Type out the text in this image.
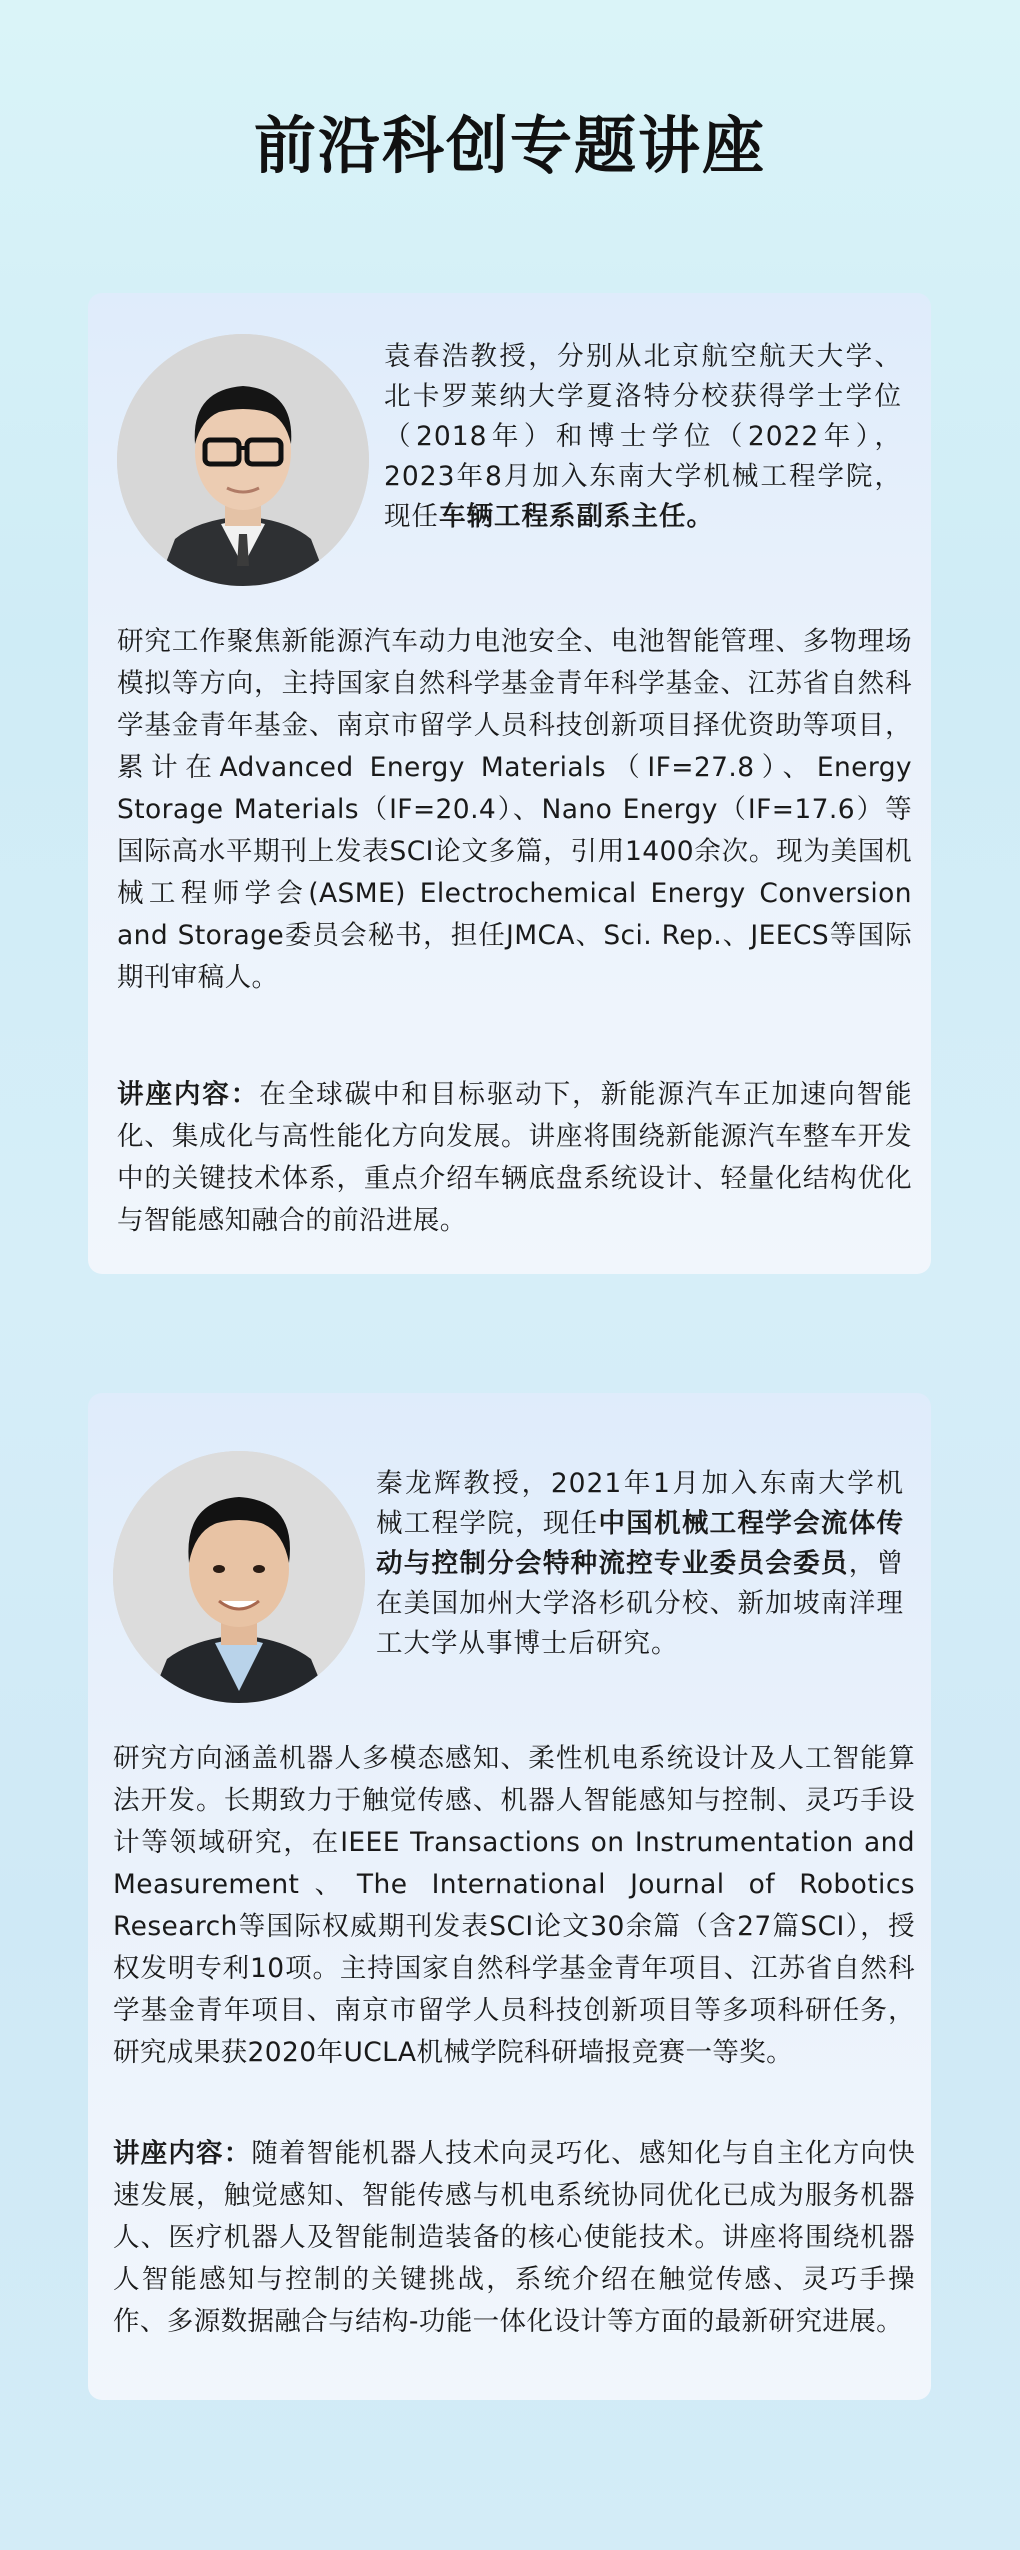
前沿科创专题讲座
袁春浩教授，分别从北京航空航天大学、北卡罗莱纳大学夏洛特分校获得学士学位（2018年）和博士学位（2022年），2023年8月加入东南大学机械工程学院，现任车辆工程系副系主任。
研究工作聚焦新能源汽车动力电池安全、电池智能管理、多物理场模拟等方向，主持国家自然科学基金青年科学基金、江苏省自然科学基金青年基金、南京市留学人员科技创新项目择优资助等项目，累计在Advanced Energy Materials（IF=27.8）、Energy Storage Materials（IF=20.4）、Nano Energy（IF=17.6）等国际高水平期刊上发表SCI论文多篇，引用1400余次。现为美国机械工程师学会(ASME) Electrochemical Energy Conversion and Storage委员会秘书，担任JMCA、Sci. Rep.、JEECS等国际期刊审稿人。
讲座内容：在全球碳中和目标驱动下，新能源汽车正加速向智能化、集成化与高性能化方向发展。讲座将围绕新能源汽车整车开发中的关键技术体系，重点介绍车辆底盘系统设计、轻量化结构优化与智能感知融合的前沿进展。
秦龙辉教授，2021年1月加入东南大学机械工程学院，现任中国机械工程学会流体传动与控制分会特种流控专业委员会委员，曾在美国加州大学洛杉矶分校、新加坡南洋理工大学从事博士后研究。
研究方向涵盖机器人多模态感知、柔性机电系统设计及人工智能算法开发。长期致力于触觉传感、机器人智能感知与控制、灵巧手设计等领域研究，在IEEE Transactions on Instrumentation and Measurement、The International Journal of Robotics Research等国际权威期刊发表SCI论文30余篇（含27篇SCI），授权发明专利10项。主持国家自然科学基金青年项目、江苏省自然科学基金青年项目、南京市留学人员科技创新项目等多项科研任务，研究成果获2020年UCLA机械学院科研墙报竞赛一等奖。
讲座内容：随着智能机器人技术向灵巧化、感知化与自主化方向快速发展，触觉感知、智能传感与机电系统协同优化已成为服务机器人、医疗机器人及智能制造装备的核心使能技术。讲座将围绕机器人智能感知与控制的关键挑战，系统介绍在触觉传感、灵巧手操作、多源数据融合与结构-功能一体化设计等方面的最新研究进展。
